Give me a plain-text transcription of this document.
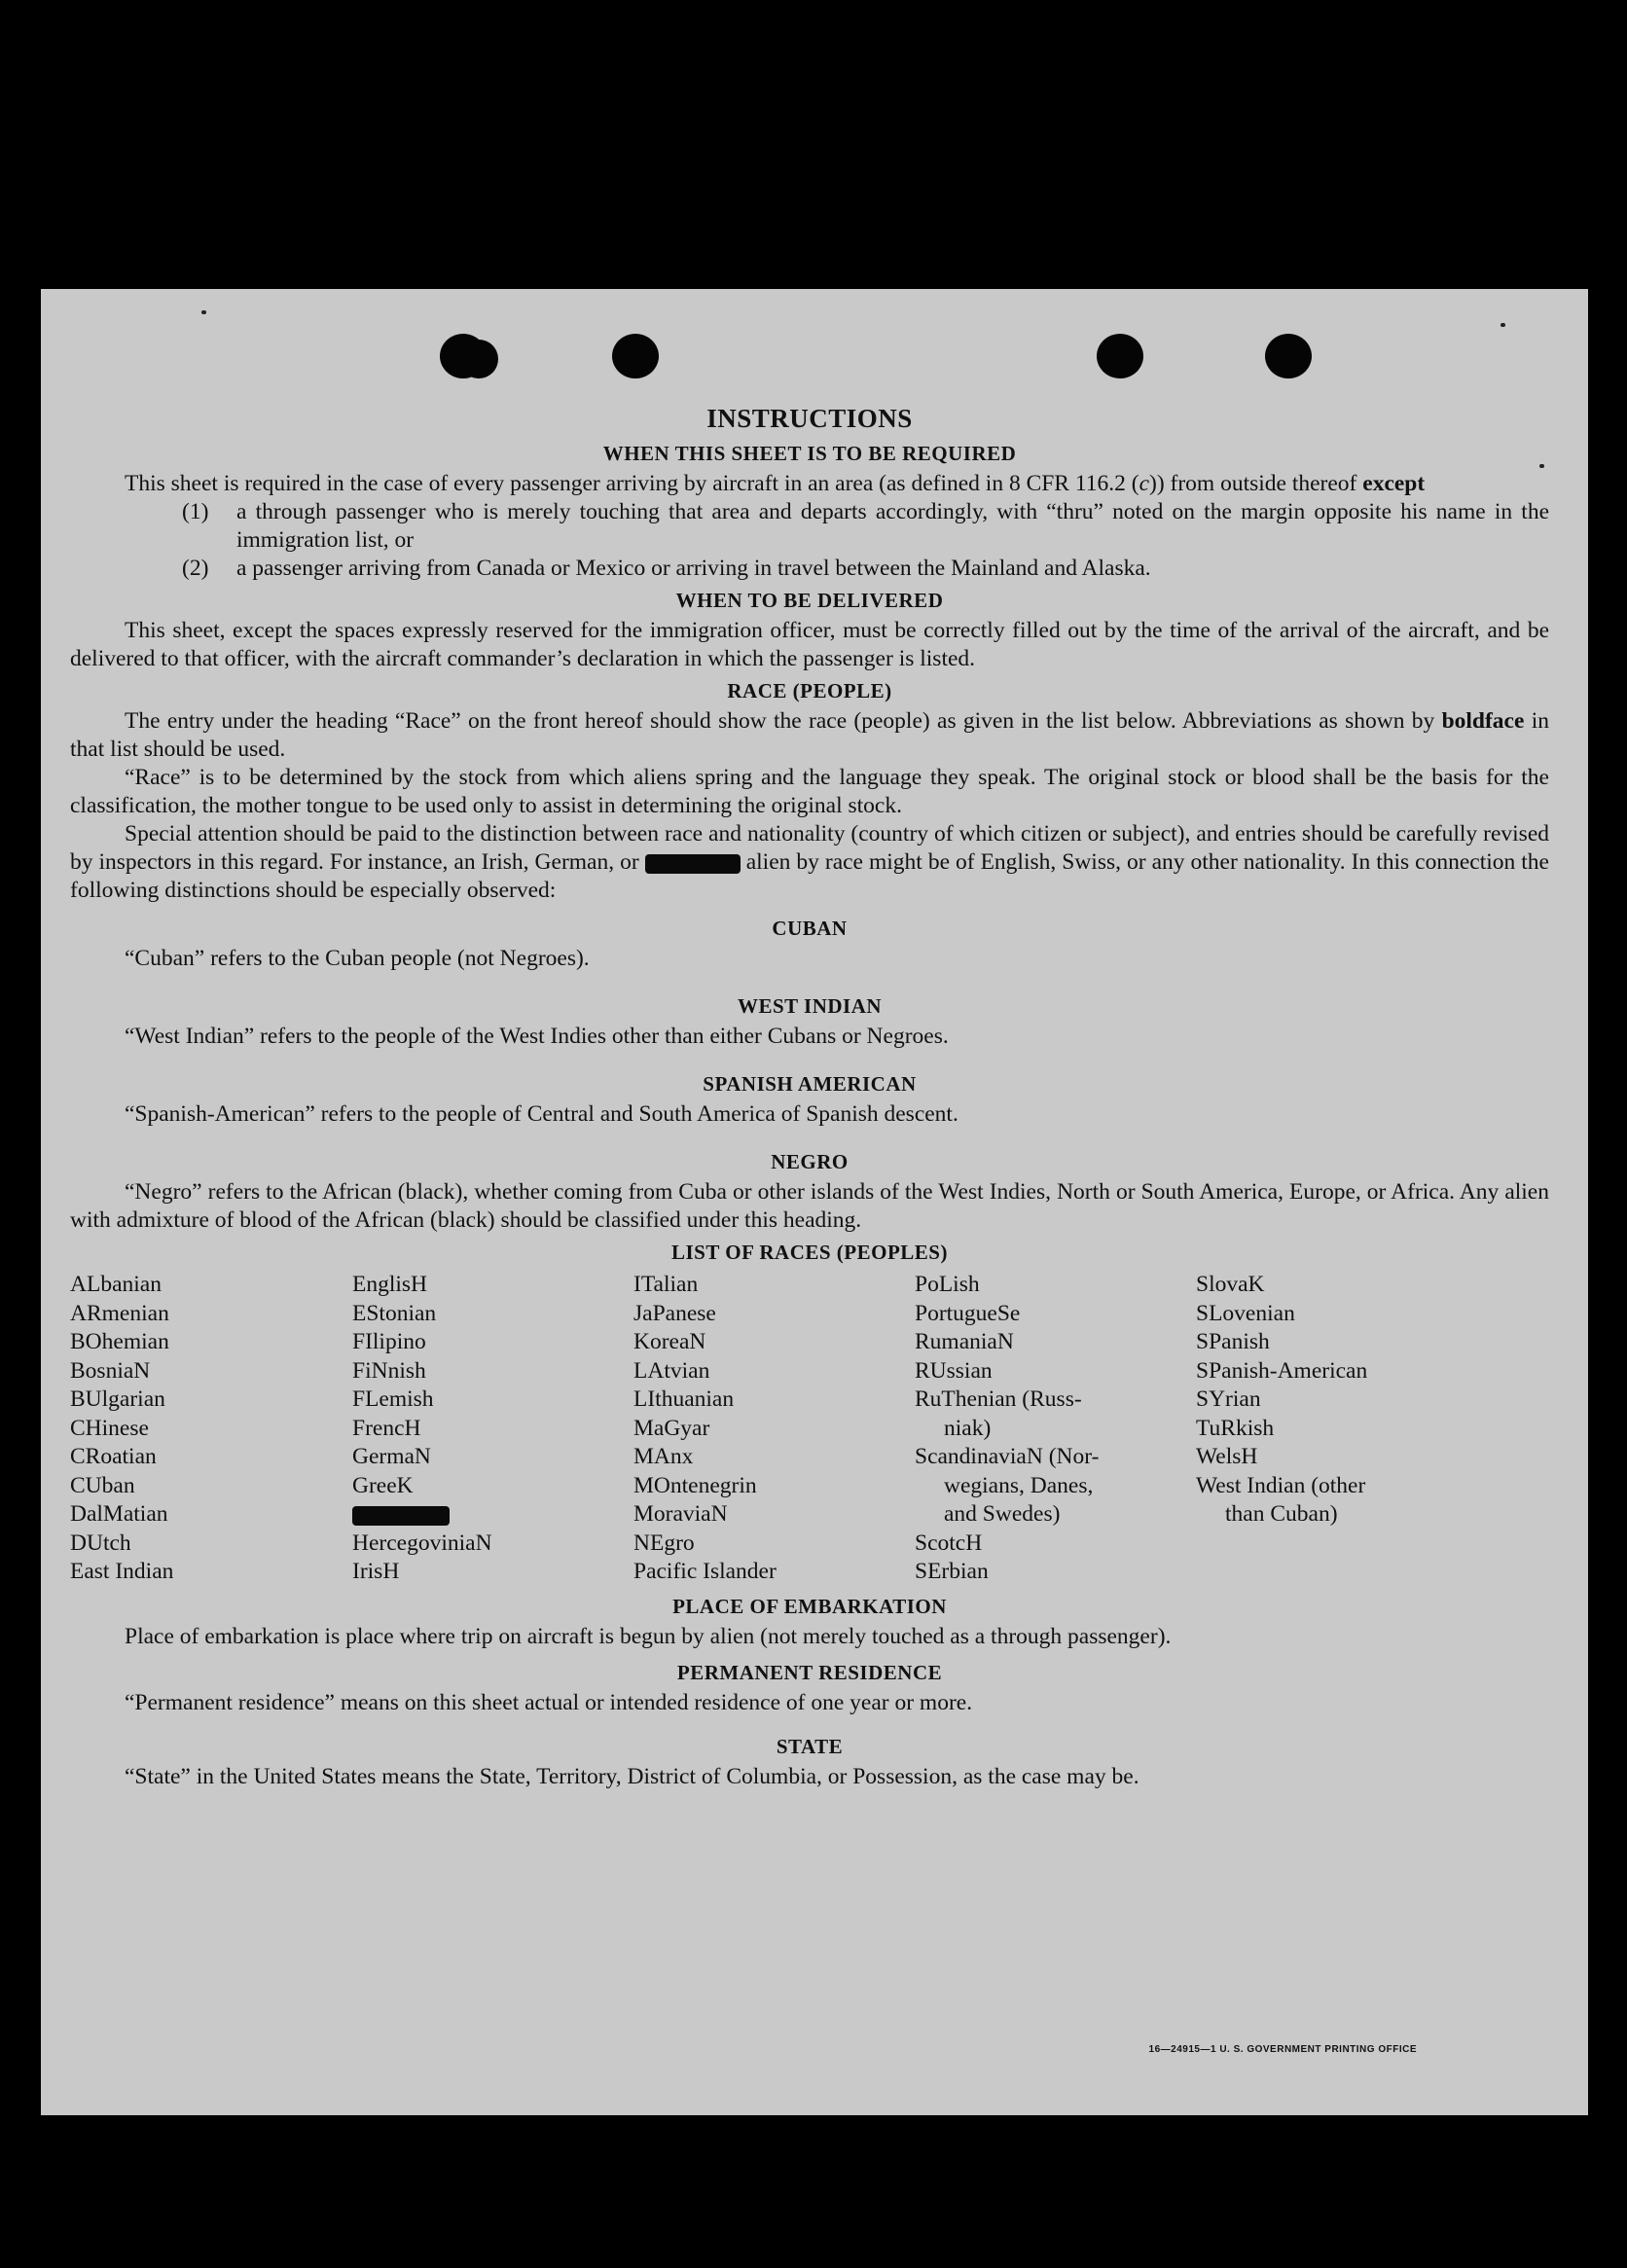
INSTRUCTIONS
WHEN THIS SHEET IS TO BE REQUIRED

This sheet is required in the case of every passenger arriving by aircraft in an area (as defined in 8 CFR 116.2 (c)) from outside thereof except

(1) a through passenger who is merely touching that area and departs accordingly, with “thru” noted on the margin opposite his name in the immigration list, or

(2) a passenger arriving from Canada or Mexico or arriving in travel between the Mainland and Alaska.

WHEN TO BE DELIVERED

This sheet, except the spaces expressly reserved for the immigration officer, must be correctly filled out by the time of the arrival of the aircraft, and be delivered to that officer, with the aircraft commander’s declaration in which the passenger is listed.

RACE (PEOPLE)

The entry under the heading “Race” on the front hereof should show the race (people) as given in the list below. Abbreviations as shown by boldface in that list should be used.

“Race” is to be determined by the stock from which aliens spring and the language they speak. The original stock or blood shall be the basis for the classification, the mother tongue to be used only to assist in determining the original stock.

Special attention should be paid to the distinction between race and nationality (country of which citizen or subject), and entries should be carefully revised by inspectors in this regard. For instance, an Irish, German, or	alien by race might be of English, Swiss, or any other nationality. In this connection the following distinctions should be especially observed:

CUBAN

“Cuban” refers to the Cuban people (not Negroes).

WEST INDIAN

“West Indian” refers to the people of the West Indies other than either Cubans or Negroes.

SPANISH AMERICAN

“Spanish-American” refers to the people of Central and South America of Spanish descent.

NEGRO

“Negro” refers to the African (black), whether coming from Cuba or other islands of the West Indies, North or South America, Europe, or Africa. Any alien with admixture of blood of the African (black) should be classified under this heading.

LIST OF RACES (PEOPLES)
ALbanian
ARmenian
BOhemian
BosniaN
BUlgarian
CHinese
CRoatian
CUban
DalMatian
DUtch
East Indian
EnglisH
EStonian
FIlipino
FiNnish
FLemish
FrencH
GermaN
GreeK
HercegoviniaN
IrisH
ITalian
JaPanese
KoreaN
LAtvian
LIthuanian
MaGyar
MAnx
MOntenegrin
MoraviaN
NEgro
Pacific Islander
PoLish
PortugueSe
RumaniaN
RUssian
RuThenian (Russ-
niak)
ScandinaviaN (Nor-
wegians, Danes,
and Swedes)
ScotcH
SErbian
SlovaK
SLovenian
SPanish
SPanish-American
SYrian
TuRkish
WelsH
West Indian (other
than Cuban)
PLACE OF EMBARKATION

Place of embarkation is place where trip on aircraft is begun by alien (not merely touched as a through passenger).

PERMANENT RESIDENCE

“Permanent residence” means on this sheet actual or intended residence of one year or more.

STATE

“State” in the United States means the State, Territory, District of Columbia, or Possession, as the case may be.

16—24915—1 U. S. GOVERNMENT PRINTING OFFICE
